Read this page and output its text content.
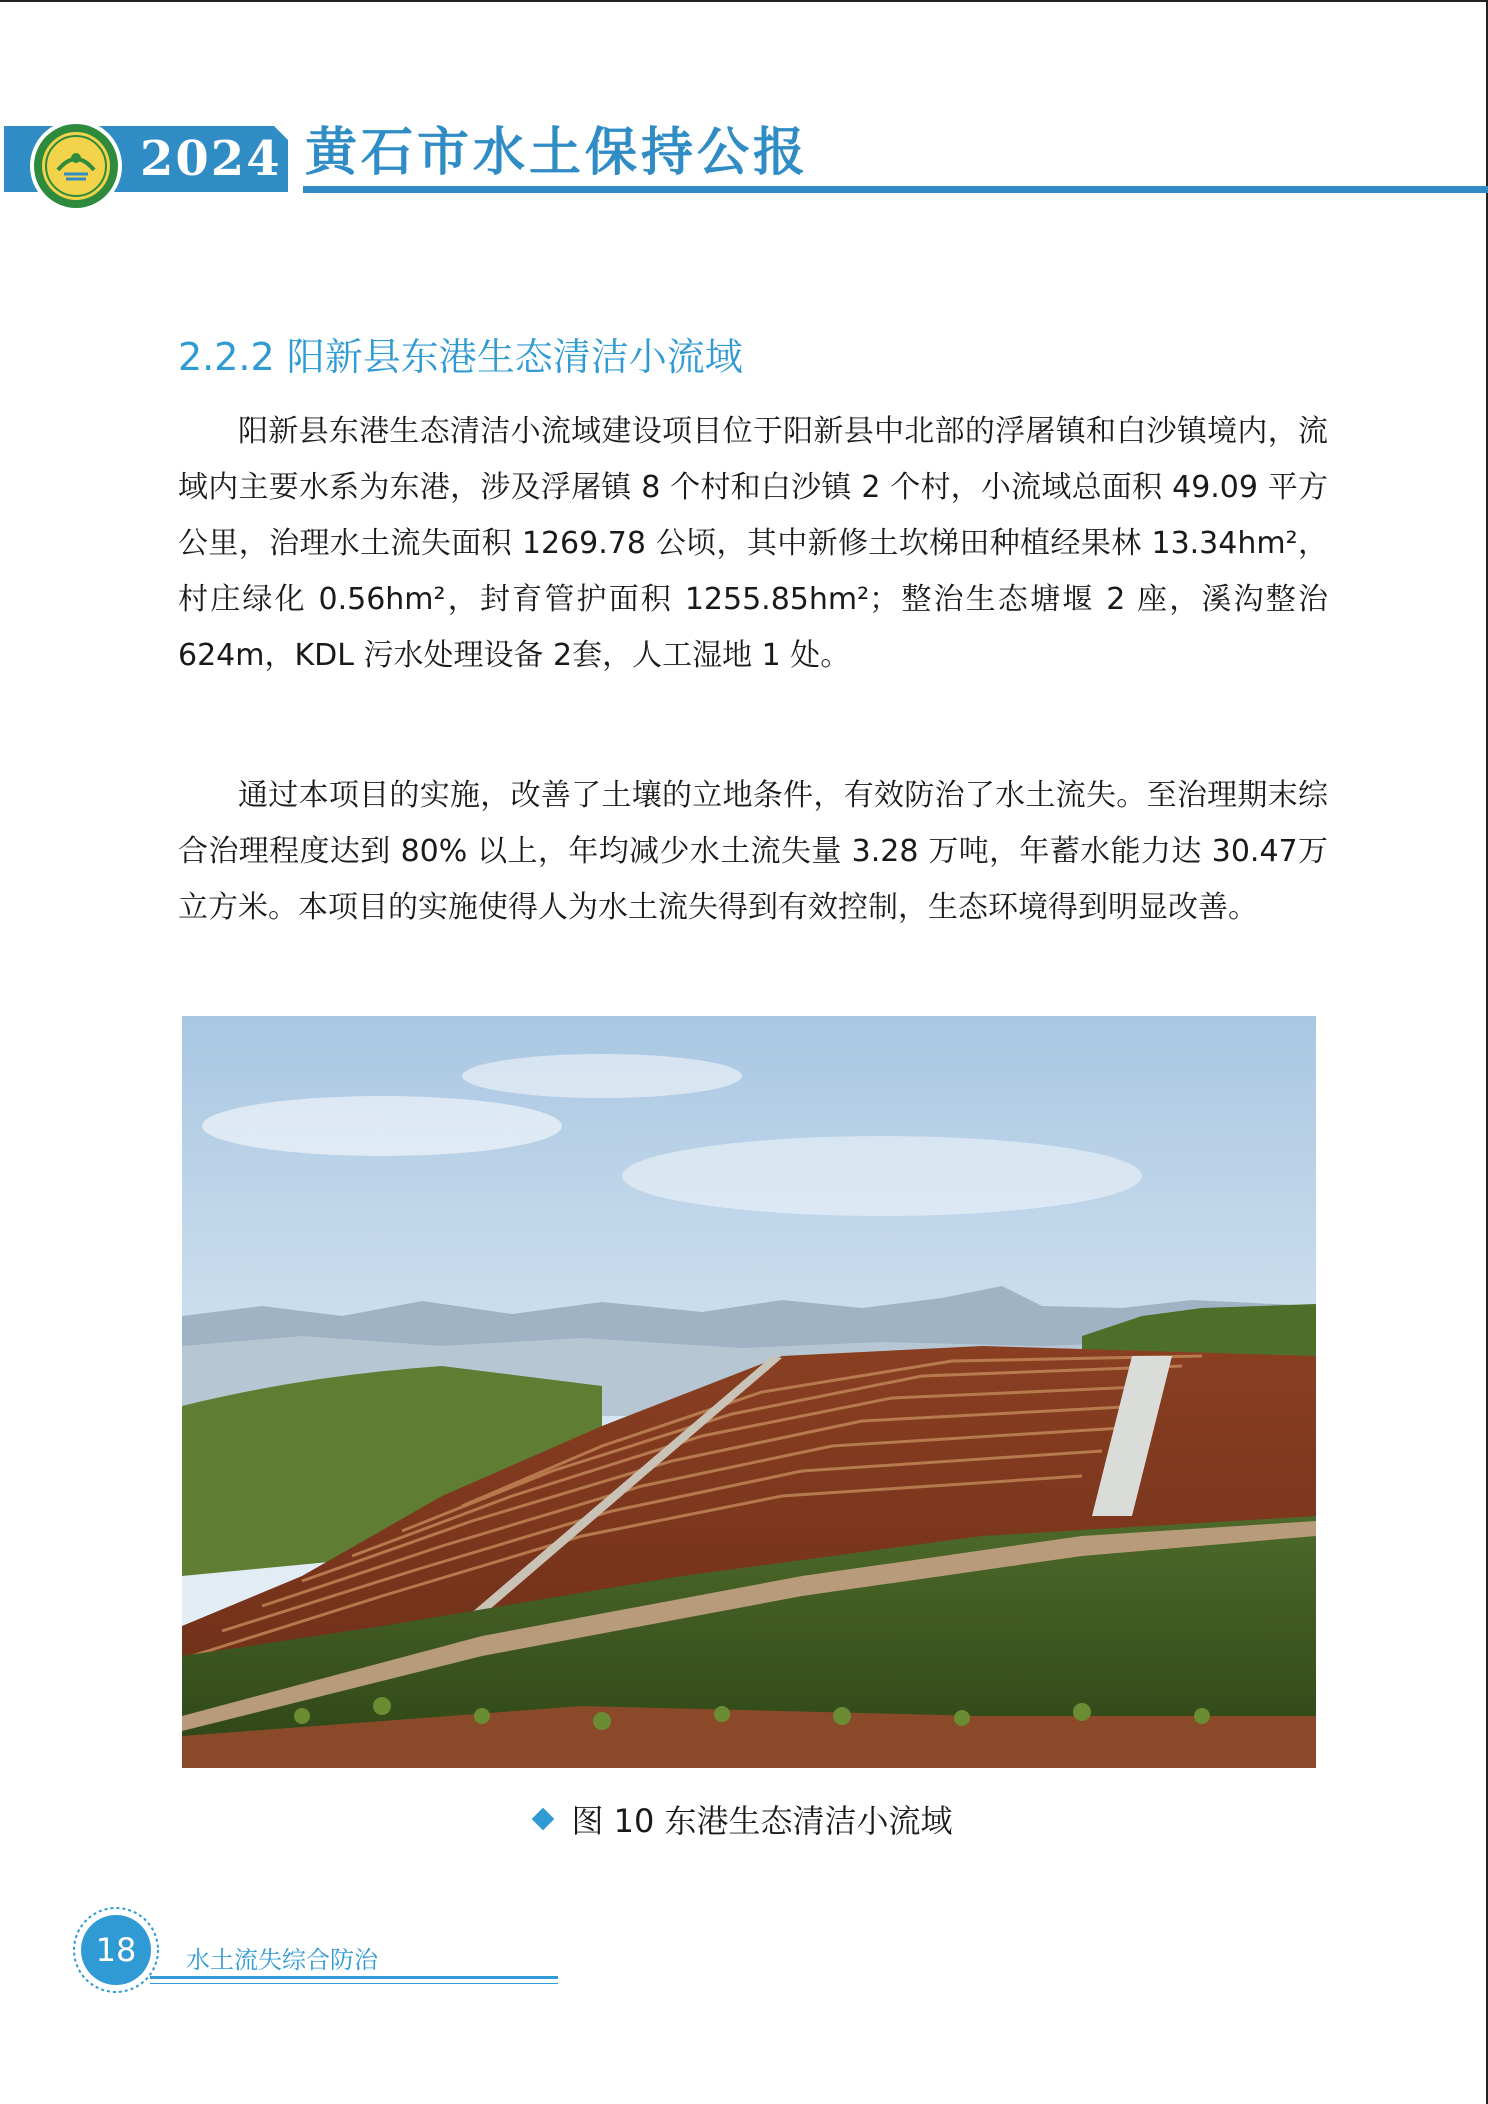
2024 黄石市水土保持公报
2.2.2 阳新县东港生态清洁小流域

阳新县东港生态清洁小流域建设项目位于阳新县中北部的浮屠镇和白沙镇境内，流域内主要水系为东港，涉及浮屠镇 8 个村和白沙镇 2 个村，小流域总面积 49.09 平方公里，治理水土流失面积 1269.78 公顷，其中新修土坎梯田种植经果林 13.34hm²，村庄绿化 0.56hm²，封育管护面积 1255.85hm²；整治生态塘堰 2 座，溪沟整治 624m，KDL 污水处理设备 2套，人工湿地 1 处。

通过本项目的实施，改善了土壤的立地条件，有效防治了水土流失。至治理期末综合治理程度达到 80% 以上，年均减少水土流失量 3.28 万吨，年蓄水能力达 30.47万立方米。本项目的实施使得人为水土流失得到有效控制，生态环境得到明显改善。

图 10 东港生态清洁小流域
18	水土流失综合防治
